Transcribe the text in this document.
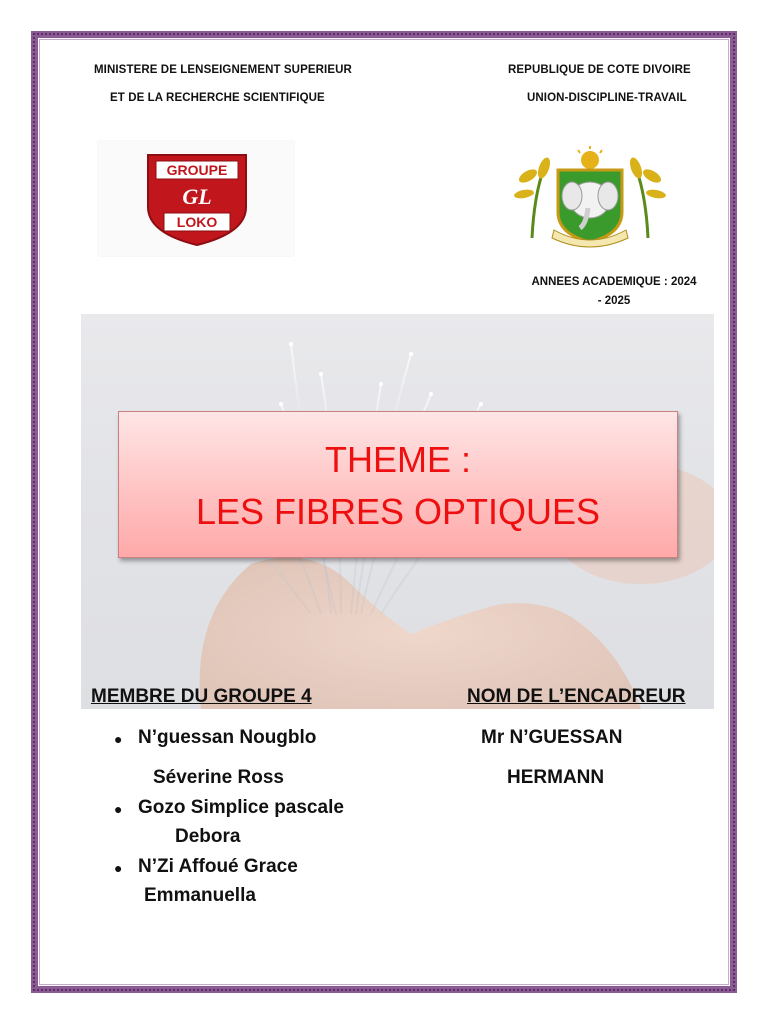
MINISTERE DE LENSEIGNEMENT SUPERIEUR
ET DE LA RECHERCHE SCIENTIFIQUE
REPUBLIQUE DE COTE DIVOIRE
UNION-DISCIPLINE-TRAVAIL
GROUPE
GL
LOKO
ANNEES ACADEMIQUE : 2024
- 2025
THEME :
LES FIBRES OPTIQUES
MEMBRE DU GROUPE 4	NOM DE L’ENCADREUR
● N’guessan Nougblo
Séverine Ross
● Gozo Simplice pascale
Debora
● N’Zi Affoué Grace
Emmanuella
Mr N’GUESSAN
HERMANN
